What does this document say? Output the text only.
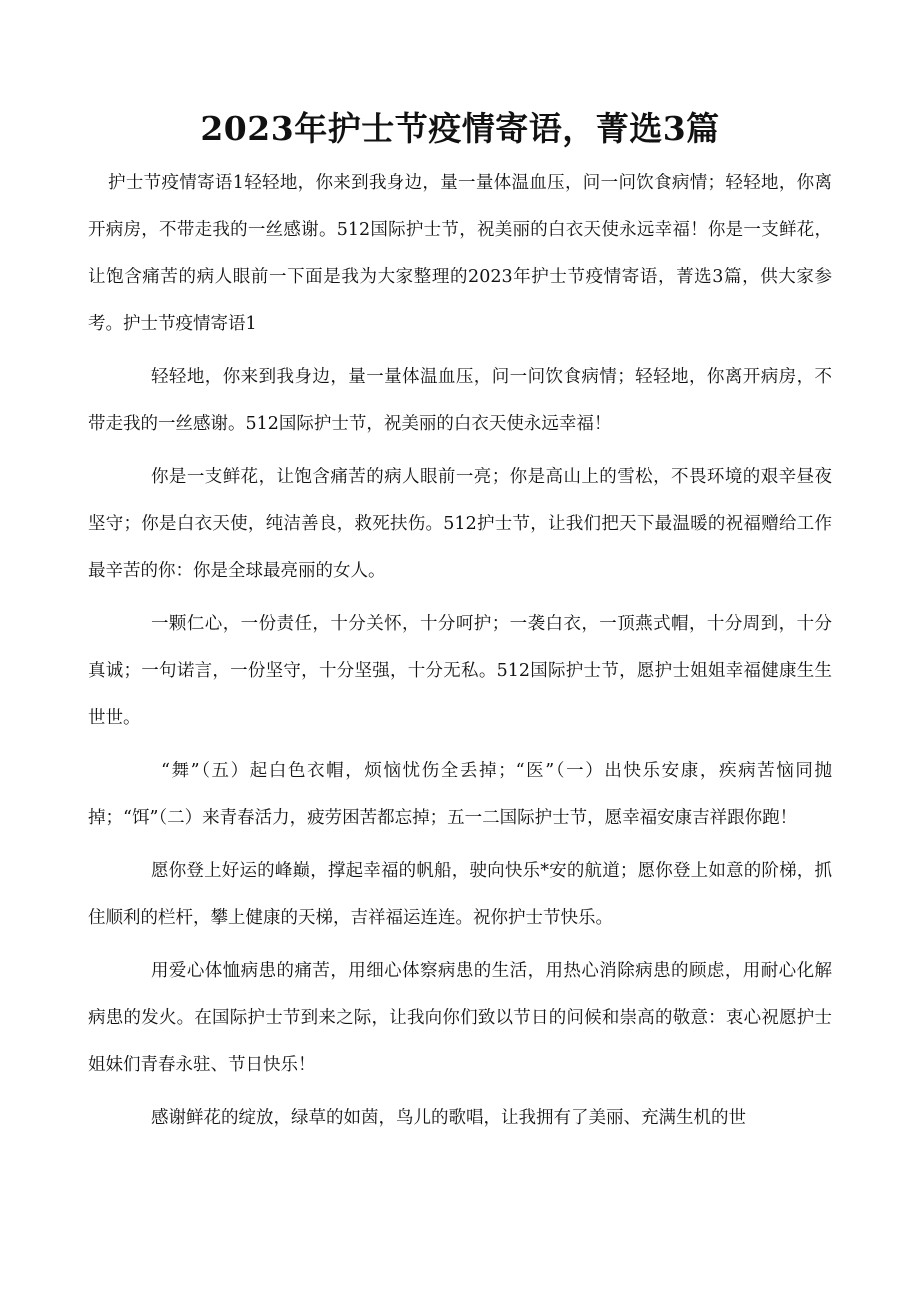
2023年护士节疫情寄语，菁选3篇

护士节疫情寄语1轻轻地，你来到我身边，量一量体温血压，问一问饮食病情；轻轻地，你离开病房，不带走我的一丝感谢。512国际护士节，祝美丽的白衣天使永远幸福！你是一支鲜花，让饱含痛苦的病人眼前一下面是我为大家整理的2023年护士节疫情寄语，菁选3篇，供大家参考。护士节疫情寄语1

轻轻地，你来到我身边，量一量体温血压，问一问饮食病情；轻轻地，你离开病房，不带走我的一丝感谢。512国际护士节，祝美丽的白衣天使永远幸福！

你是一支鲜花，让饱含痛苦的病人眼前一亮；你是高山上的雪松，不畏环境的艰辛昼夜坚守；你是白衣天使，纯洁善良，救死扶伤。512护士节，让我们把天下最温暖的祝福赠给工作最辛苦的你：你是全球最亮丽的女人。

一颗仁心，一份责任，十分关怀，十分呵护；一袭白衣，一顶燕式帽，十分周到，十分真诚；一句诺言，一份坚守，十分坚强，十分无私。512国际护士节，愿护士姐姐幸福健康生生世世。

“舞”（五）起白色衣帽，烦恼忧伤全丢掉；“医”（一）出快乐安康，疾病苦恼同抛掉；“饵”（二）来青春活力，疲劳困苦都忘掉；五一二国际护士节，愿幸福安康吉祥跟你跑！

愿你登上好运的峰巅，撑起幸福的帆船，驶向快乐*安的航道；愿你登上如意的阶梯，抓住顺利的栏杆，攀上健康的天梯，吉祥福运连连。祝你护士节快乐。

用爱心体恤病患的痛苦，用细心体察病患的生活，用热心消除病患的顾虑，用耐心化解病患的发火。在国际护士节到来之际，让我向你们致以节日的问候和崇高的敬意：衷心祝愿护士姐妹们青春永驻、节日快乐！

感谢鲜花的绽放，绿草的如茵，鸟儿的歌唱，让我拥有了美丽、充满生机的世
